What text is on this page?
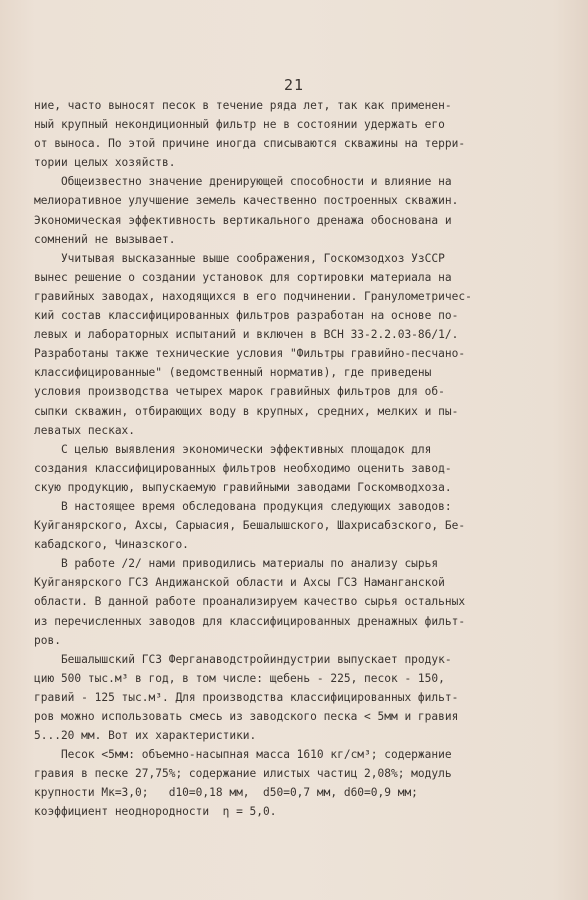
21
ние, часто выносят песок в течение ряда лет, так как применен-
ный крупный некондиционный фильтр не в состоянии удержать его
от выноса. По этой причине иногда списываются скважины на терри-
тории целых хозяйств.
Общеизвестно значение дренирующей способности и влияние на
мелиоративное улучшение земель качественно построенных скважин.
Экономическая эффективность вертикального дренажа обоснована и
сомнений не вызывает.
Учитывая высказанные выше соображения, Госкомзодхоз УзССР
вынес решение о создании установок для сортировки материала на
гравийных заводах, находящихся в его подчинении. Гранулометричес-
кий состав классифицированных фильтров разработан на основе по-
левых и лабораторных испытаний и включен в ВСН 33-2.2.03-86/1/.
Разработаны также технические условия "Фильтры гравийно-песчано-
классифицированные" (ведомственный норматив), где приведены
условия производства четырех марок гравийных фильтров для об-
сыпки скважин, отбирающих воду в крупных, средних, мелких и пы-
леватых песках.
С целью выявления экономически эффективных площадок для
создания классифицированных фильтров необходимо оценить завод-
скую продукцию, выпускаемую гравийными заводами Госкомводхоза.
В настоящее время обследована продукция следующих заводов:
Куйганярского, Ахсы, Сарыасия, Бешалышского, Шахрисабзского, Бе-
кабадского, Чиназского.
В работе /2/ нами приводились материалы по анализу сырья
Куйганярского ГСЗ Андижанской области и Ахсы ГСЗ Наманганской
области. В данной работе проанализируем качество сырья остальных
из перечисленных заводов для классифицированных дренажных фильт-
ров.
Бешалышский ГСЗ Ферганаводстройиндустрии выпускает продук-
цию 500 тыс.м³ в год, в том числе: щебень - 225, песок - 150,
гравий - 125 тыс.м³. Для производства классифицированных фильт-
ров можно использовать смесь из заводского песка < 5мм и гравия
5...20 мм. Вот их характеристики.
Песок <5мм: объемно-насыпная масса 1610 кг/см³; содержание
гравия в песке 27,75%; содержание илистых частиц 2,08%; модуль
крупности Мк=3,0;   d10=0,18 мм,  d50=0,7 мм, d60=0,9 мм;
коэффициент неоднородности  η = 5,0.
